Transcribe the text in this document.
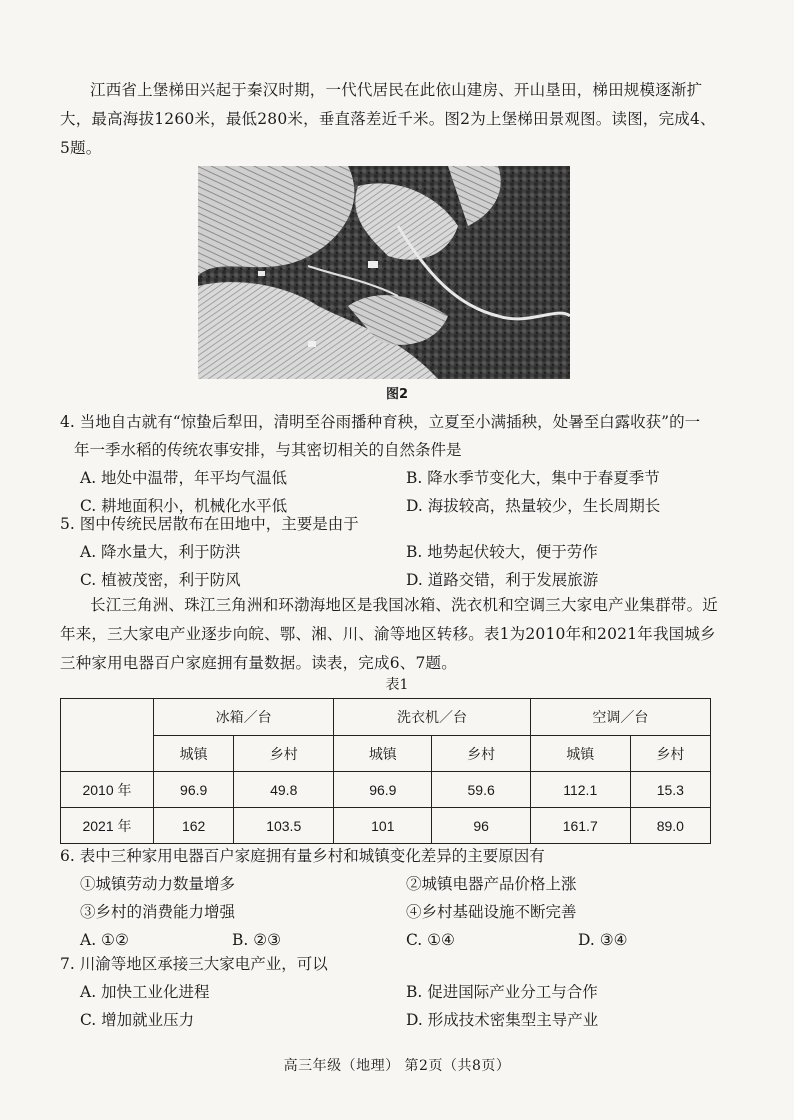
江西省上堡梯田兴起于秦汉时期，一代代居民在此依山建房、开山垦田，梯田规模逐渐扩大，最高海拔1260米，最低280米，垂直落差近千米。图2为上堡梯田景观图。读图，完成4、5题。
图2
4. 当地自古就有“惊蛰后犁田，清明至谷雨播种育秧，立夏至小满插秧，处暑至白露收获”的一
年一季水稻的传统农事安排，与其密切相关的自然条件是
A. 地处中温带，年平均气温低	B. 降水季节变化大，集中于春夏季节
C. 耕地面积小，机械化水平低	D. 海拔较高，热量较少，生长周期长
5. 图中传统民居散布在田地中，主要是由于
A. 降水量大，利于防洪	B. 地势起伏较大，便于劳作
C. 植被茂密，利于防风	D. 道路交错，利于发展旅游
长江三角洲、珠江三角洲和环渤海地区是我国冰箱、洗衣机和空调三大家电产业集群带。近年来，三大家电产业逐步向皖、鄂、湘、川、渝等地区转移。表1为2010年和2021年我国城乡三种家用电器百户家庭拥有量数据。读表，完成6、7题。
表1
	冰箱／台		洗衣机／台		空调／台	
	城镇	乡村	城镇	乡村	城镇	乡村
2010 年	96.9	49.8	96.9	59.6	112.1	15.3
2021 年	162	103.5	101	96	161.7	89.0
6. 表中三种家用电器百户家庭拥有量乡村和城镇变化差异的主要原因有
①城镇劳动力数量增多	②城镇电器产品价格上涨
③乡村的消费能力增强	④乡村基础设施不断完善
A. ①②	B. ②③	C. ①④	D. ③④
7. 川渝等地区承接三大家电产业，可以
A. 加快工业化进程	B. 促进国际产业分工与合作
C. 增加就业压力	D. 形成技术密集型主导产业
高三年级（地理） 第2页（共8页）
